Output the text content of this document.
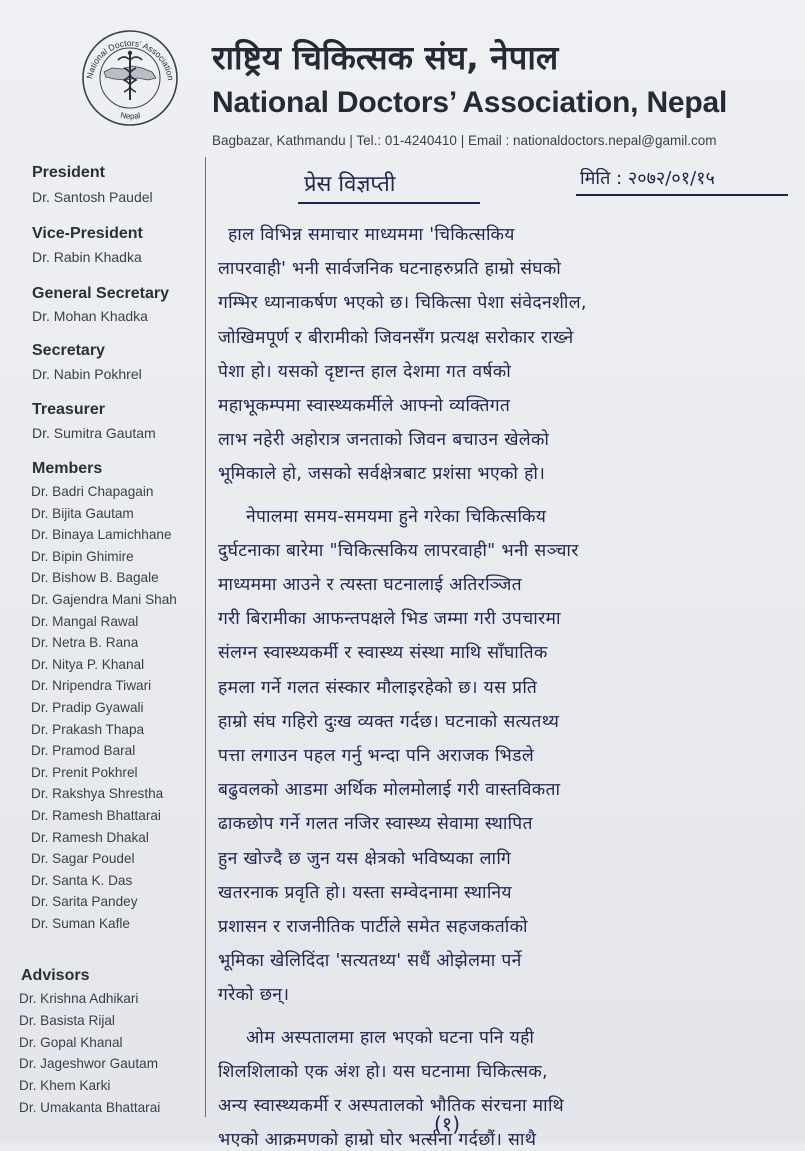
National Doctors’ Association
Nepal
राष्ट्रिय चिकित्सक संघ, नेपाल
National Doctors’ Association, Nepal
Bagbazar, Kathmandu | Tel.: 01-4240410 | Email : nationaldoctors.nepal@gamil.com
President
Dr. Santosh Paudel
Vice-President
Dr. Rabin Khadka
General Secretary
Dr. Mohan Khadka
Secretary
Dr. Nabin Pokhrel
Treasurer
Dr. Sumitra Gautam
Members
Dr. Badri Chapagain
Dr. Bijita Gautam
Dr. Binaya Lamichhane
Dr. Bipin Ghimire
Dr. Bishow B. Bagale
Dr. Gajendra Mani Shah
Dr. Mangal Rawal
Dr. Netra B. Rana
Dr. Nitya P. Khanal
Dr. Nripendra Tiwari
Dr. Pradip Gyawali
Dr. Prakash Thapa
Dr. Pramod Baral
Dr. Prenit Pokhrel
Dr. Rakshya Shrestha
Dr. Ramesh Bhattarai
Dr. Ramesh Dhakal
Dr. Sagar Poudel
Dr. Santa K. Das
Dr. Sarita Pandey
Dr. Suman Kafle
Advisors
Dr. Krishna Adhikari
Dr. Basista Rijal
Dr. Gopal Khanal
Dr. Jageshwor Gautam
Dr. Khem Karki
Dr. Umakanta Bhattarai
प्रेस विज्ञप्ती	मिति : २०७२/०१/१५
हाल विभिन्न समाचार माध्यममा 'चिकित्सकिय
लापरवाही' भनी सार्वजनिक घटनाहरुप्रति हाम्रो संघको
गम्भिर ध्यानाकर्षण भएको छ। चिकित्सा पेशा संवेदनशील,
जोखिमपूर्ण र बीरामीको जिवनसँग प्रत्यक्ष सरोकार राख्ने
पेशा हो। यसको दृष्टान्त हाल देशमा गत वर्षको
महाभूकम्पमा स्वास्थ्यकर्मीले आफ्नो व्यक्तिगत
लाभ नहेरी अहोरात्र जनताको जिवन बचाउन खेलेको
भूमिकाले हो, जसको सर्वक्षेत्रबाट प्रशंसा भएको हो।
नेपालमा समय-समयमा हुने गरेका चिकित्सकिय
दुर्घटनाका बारेमा "चिकित्सकिय लापरवाही" भनी सञ्चार
माध्यममा आउने र त्यस्ता घटनालाई अतिरञ्जित
गरी बिरामीका आफन्तपक्षले भिड जम्मा गरी उपचारमा
संलग्न स्वास्थ्यकर्मी र स्वास्थ्य संस्था माथि साँघातिक
हमला गर्ने गलत संस्कार मौलाइरहेको छ। यस प्रति
हाम्रो संघ गहिरो दुःख व्यक्त गर्दछ। घटनाको सत्यतथ्य
पत्ता लगाउन पहल गर्नु भन्दा पनि अराजक भिडले
बढुवलको आडमा अर्थिक मोलमोलाई गरी वास्तविकता
ढाकछोप गर्ने गलत नजिर स्वास्थ्य सेवामा स्थापित
हुन खोज्दै छ जुन यस क्षेत्रको भविष्यका लागि
खतरनाक प्रवृति हो। यस्ता सम्वेदनामा स्थानिय
प्रशासन र राजनीतिक पार्टीले समेत सहजकर्ताको
भूमिका खेलिदिंदा 'सत्यतथ्य' सधैं ओझेलमा पर्ने
गरेको छन्।
ओम अस्पतालमा हाल भएको घटना पनि यही
शिलशिलाको एक अंश हो। यस घटनामा चिकित्सक,
अन्य स्वास्थ्यकर्मी र अस्पतालको भौतिक संरचना माथि
भएको आक्रमणको हाम्रो घोर भर्त्सना गर्दछौं। साथै
(१)
